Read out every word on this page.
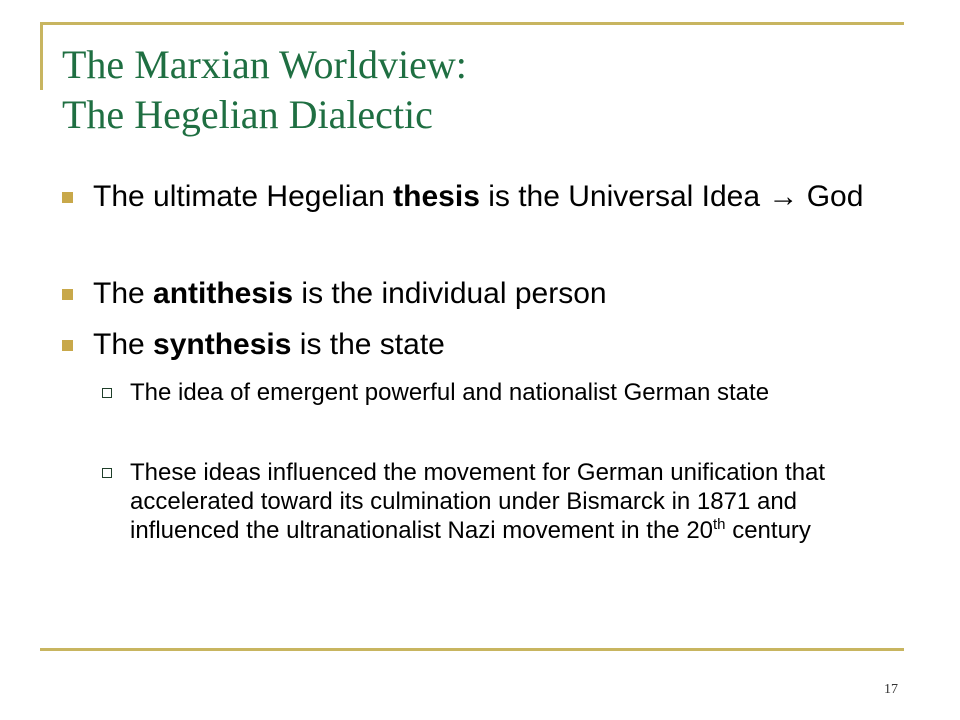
The Marxian Worldview:
The Hegelian Dialectic
The ultimate Hegelian thesis is the Universal Idea → God
The antithesis is the individual person
The synthesis is the state
The idea of emergent powerful and nationalist German state
These ideas influenced the movement for German unification that accelerated toward its culmination under Bismarck in 1871 and influenced the ultranationalist Nazi movement in the 20th century
17
